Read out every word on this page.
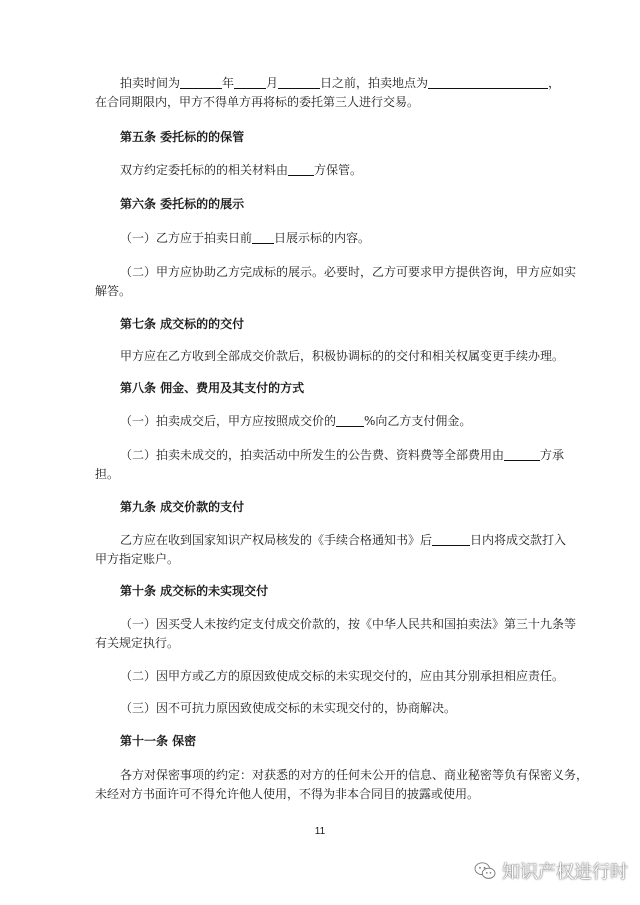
拍卖时间为	年	月	日之前，拍卖地点为	，
在合同期限内，甲方不得单方再将标的委托第三人进行交易。
第五条 委托标的的保管
双方约定委托标的的相关材料由 方保管。
第六条 委托标的的展示
（一）乙方应于拍卖日前 日展示标的内容。
（二）甲方应协助乙方完成标的展示。必要时，乙方可要求甲方提供咨询，甲方应如实
解答。
第七条 成交标的的交付
甲方应在乙方收到全部成交价款后，积极协调标的的交付和相关权属变更手续办理。
第八条 佣金、费用及其支付的方式
（一）拍卖成交后，甲方应按照成交价的 %向乙方支付佣金。
（二）拍卖未成交的，拍卖活动中所发生的公告费、资料费等全部费用由	方承
担。
第九条 成交价款的支付
乙方应在收到国家知识产权局核发的《手续合格通知书》后	日内将成交款打入
甲方指定账户。
第十条 成交标的未实现交付
（一）因买受人未按约定支付成交价款的，按《中华人民共和国拍卖法》第三十九条等
有关规定执行。
（二）因甲方或乙方的原因致使成交标的未实现交付的，应由其分别承担相应责任。
（三）因不可抗力原因致使成交标的未实现交付的，协商解决。
第十一条 保密
各方对保密事项的约定：对获悉的对方的任何未公开的信息、商业秘密等负有保密义务，
未经对方书面许可不得允许他人使用，不得为非本合同目的披露或使用。
11
知识产权进行时
